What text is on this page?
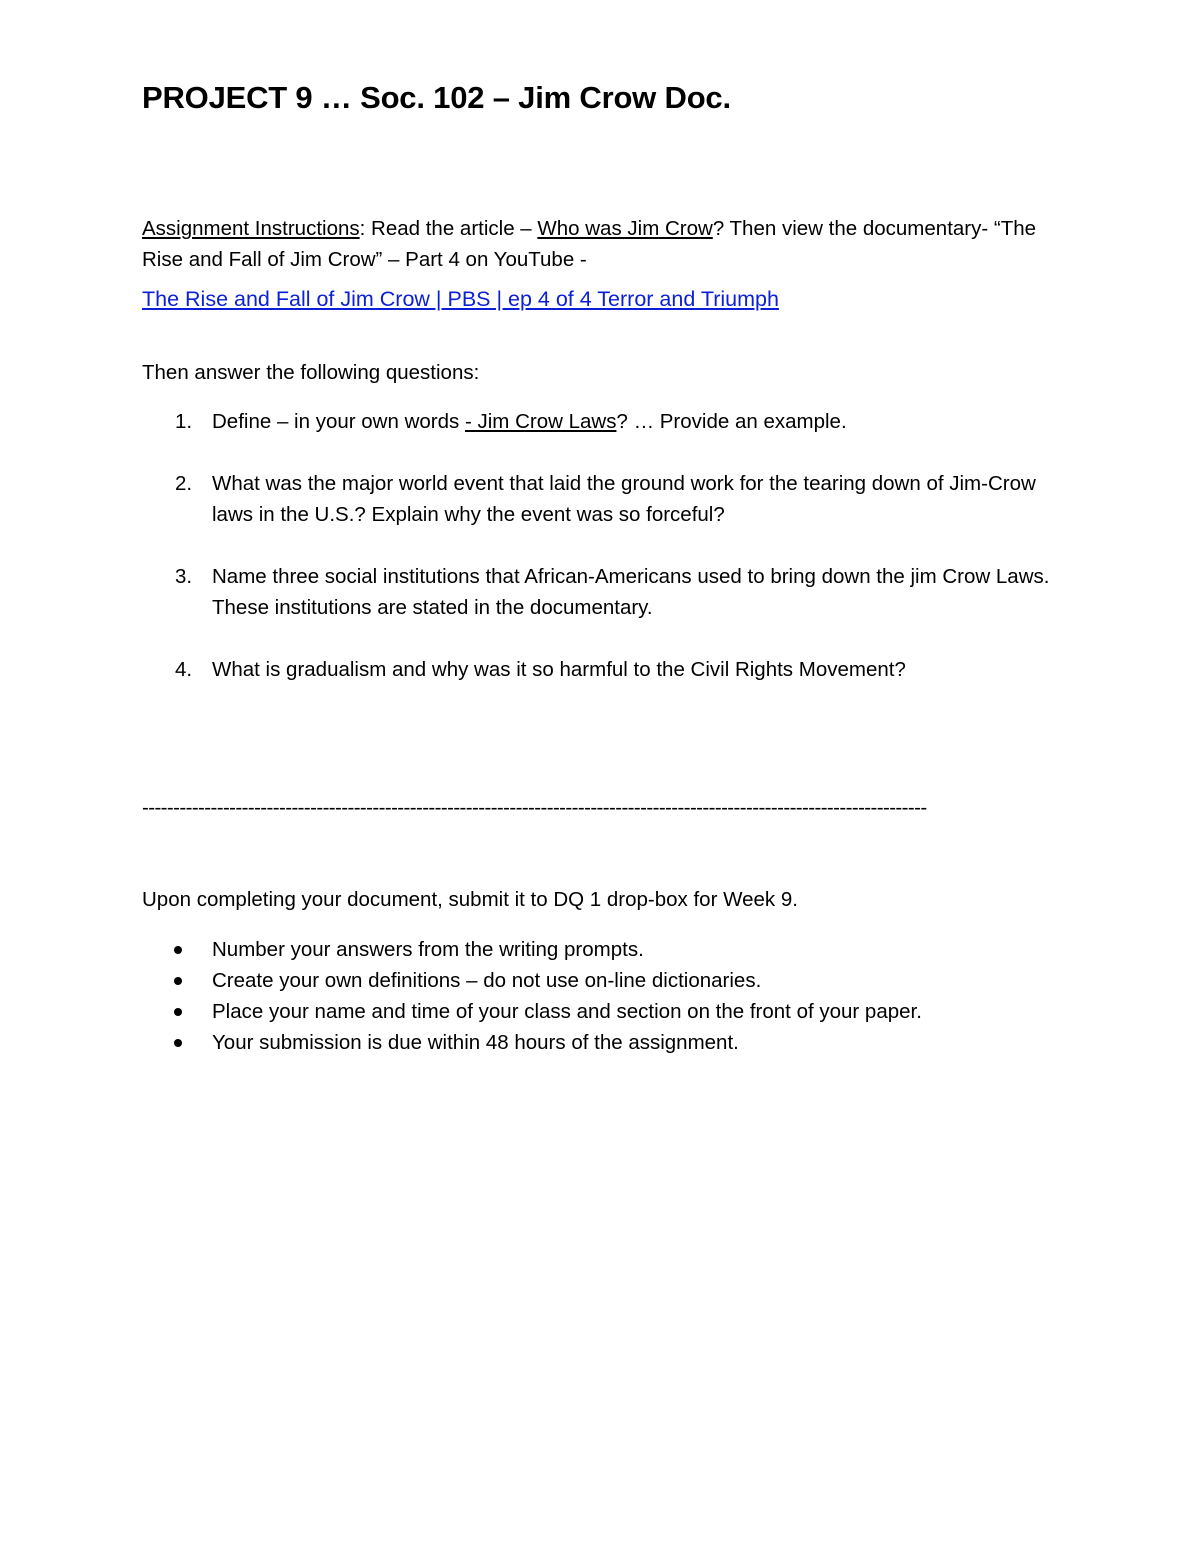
PROJECT 9 … Soc. 102 – Jim Crow Doc.
Assignment Instructions: Read the article – Who was Jim Crow? Then view the documentary- “The Rise and Fall of Jim Crow” – Part 4 on YouTube -
The Rise and Fall of Jim Crow | PBS | ep 4 of 4 Terror and Triumph
Then answer the following questions:
1. Define – in your own words - Jim Crow Laws? … Provide an example.
2. What was the major world event that laid the ground work for the tearing down of Jim-Crow laws in the U.S.? Explain why the event was so forceful?
3. Name three social institutions that African-Americans used to bring down the jim Crow Laws. These institutions are stated in the documentary.
4. What is gradualism and why was it so harmful to the Civil Rights Movement?
------------------------------------------------------------------------------------------------------------------------------
Upon completing your document, submit it to DQ 1 drop-box for Week 9.
Number your answers from the writing prompts.
Create your own definitions – do not use on-line dictionaries.
Place your name and time of your class and section on the front of your paper.
Your submission is due within 48 hours of the assignment.
